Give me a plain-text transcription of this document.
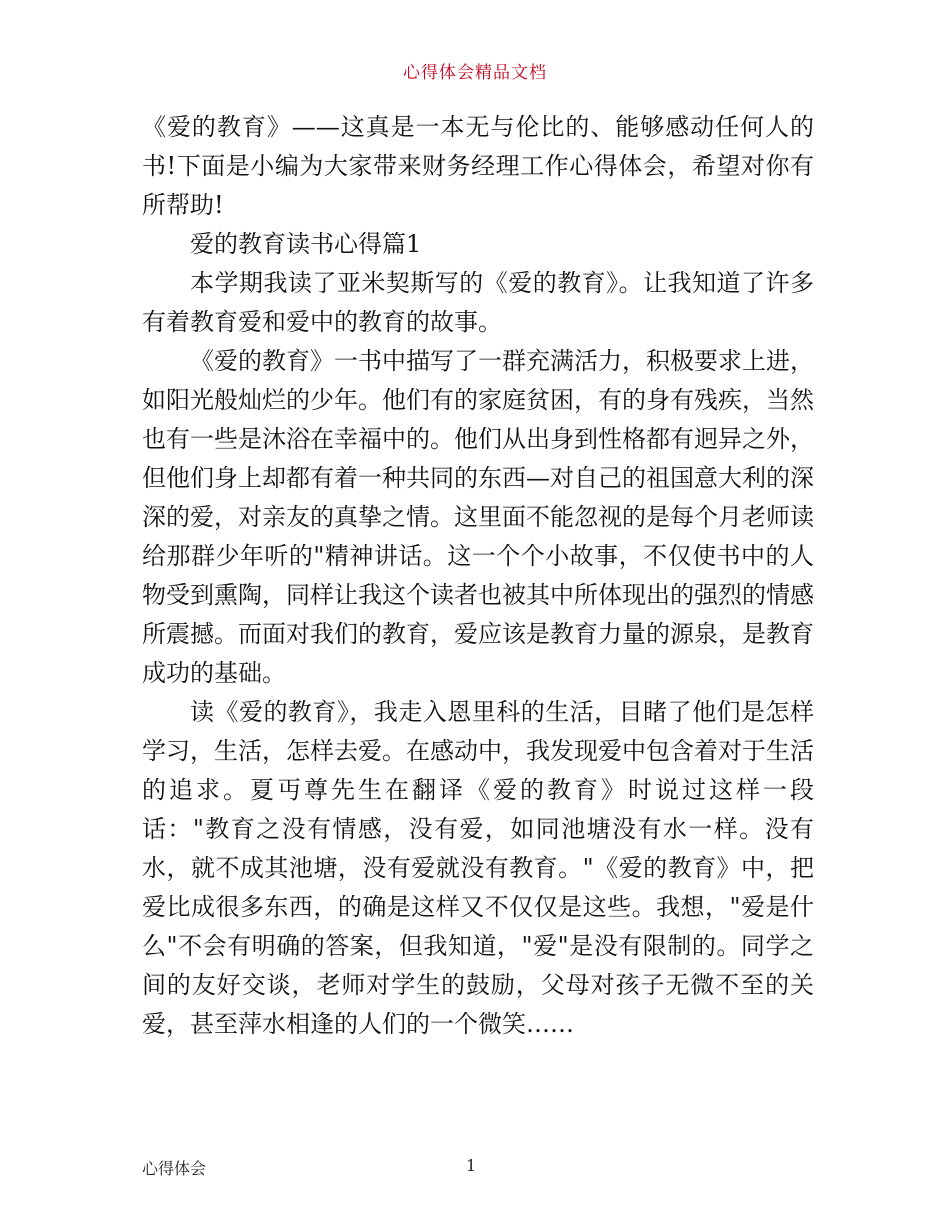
心得体会精品文档

《爱的教育》——这真是一本无与伦比的、能够感动任何人的书!下面是小编为大家带来财务经理工作心得体会，希望对你有所帮助!

爱的教育读书心得篇1

本学期我读了亚米契斯写的《爱的教育》。让我知道了许多有着教育爱和爱中的教育的故事。

《爱的教育》一书中描写了一群充满活力，积极要求上进，如阳光般灿烂的少年。他们有的家庭贫困，有的身有残疾，当然也有一些是沐浴在幸福中的。他们从出身到性格都有迥异之外，但他们身上却都有着一种共同的东西—对自己的祖国意大利的深深的爱，对亲友的真挚之情。这里面不能忽视的是每个月老师读给那群少年听的"精神讲话。这一个个小故事，不仅使书中的人物受到熏陶，同样让我这个读者也被其中所体现出的强烈的情感所震撼。而面对我们的教育，爱应该是教育力量的源泉，是教育成功的基础。

读《爱的教育》，我走入恩里科的生活，目睹了他们是怎样学习，生活，怎样去爱。在感动中，我发现爱中包含着对于生活的追求。夏丏尊先生在翻译《爱的教育》时说过这样一段话："教育之没有情感，没有爱，如同池塘没有水一样。没有水，就不成其池塘，没有爱就没有教育。"《爱的教育》中，把爱比成很多东西，的确是这样又不仅仅是这些。我想，"爱是什么"不会有明确的答案，但我知道，"爱"是没有限制的。同学之间的友好交谈，老师对学生的鼓励，父母对孩子无微不至的关爱，甚至萍水相逢的人们的一个微笑……

心得体会	1
